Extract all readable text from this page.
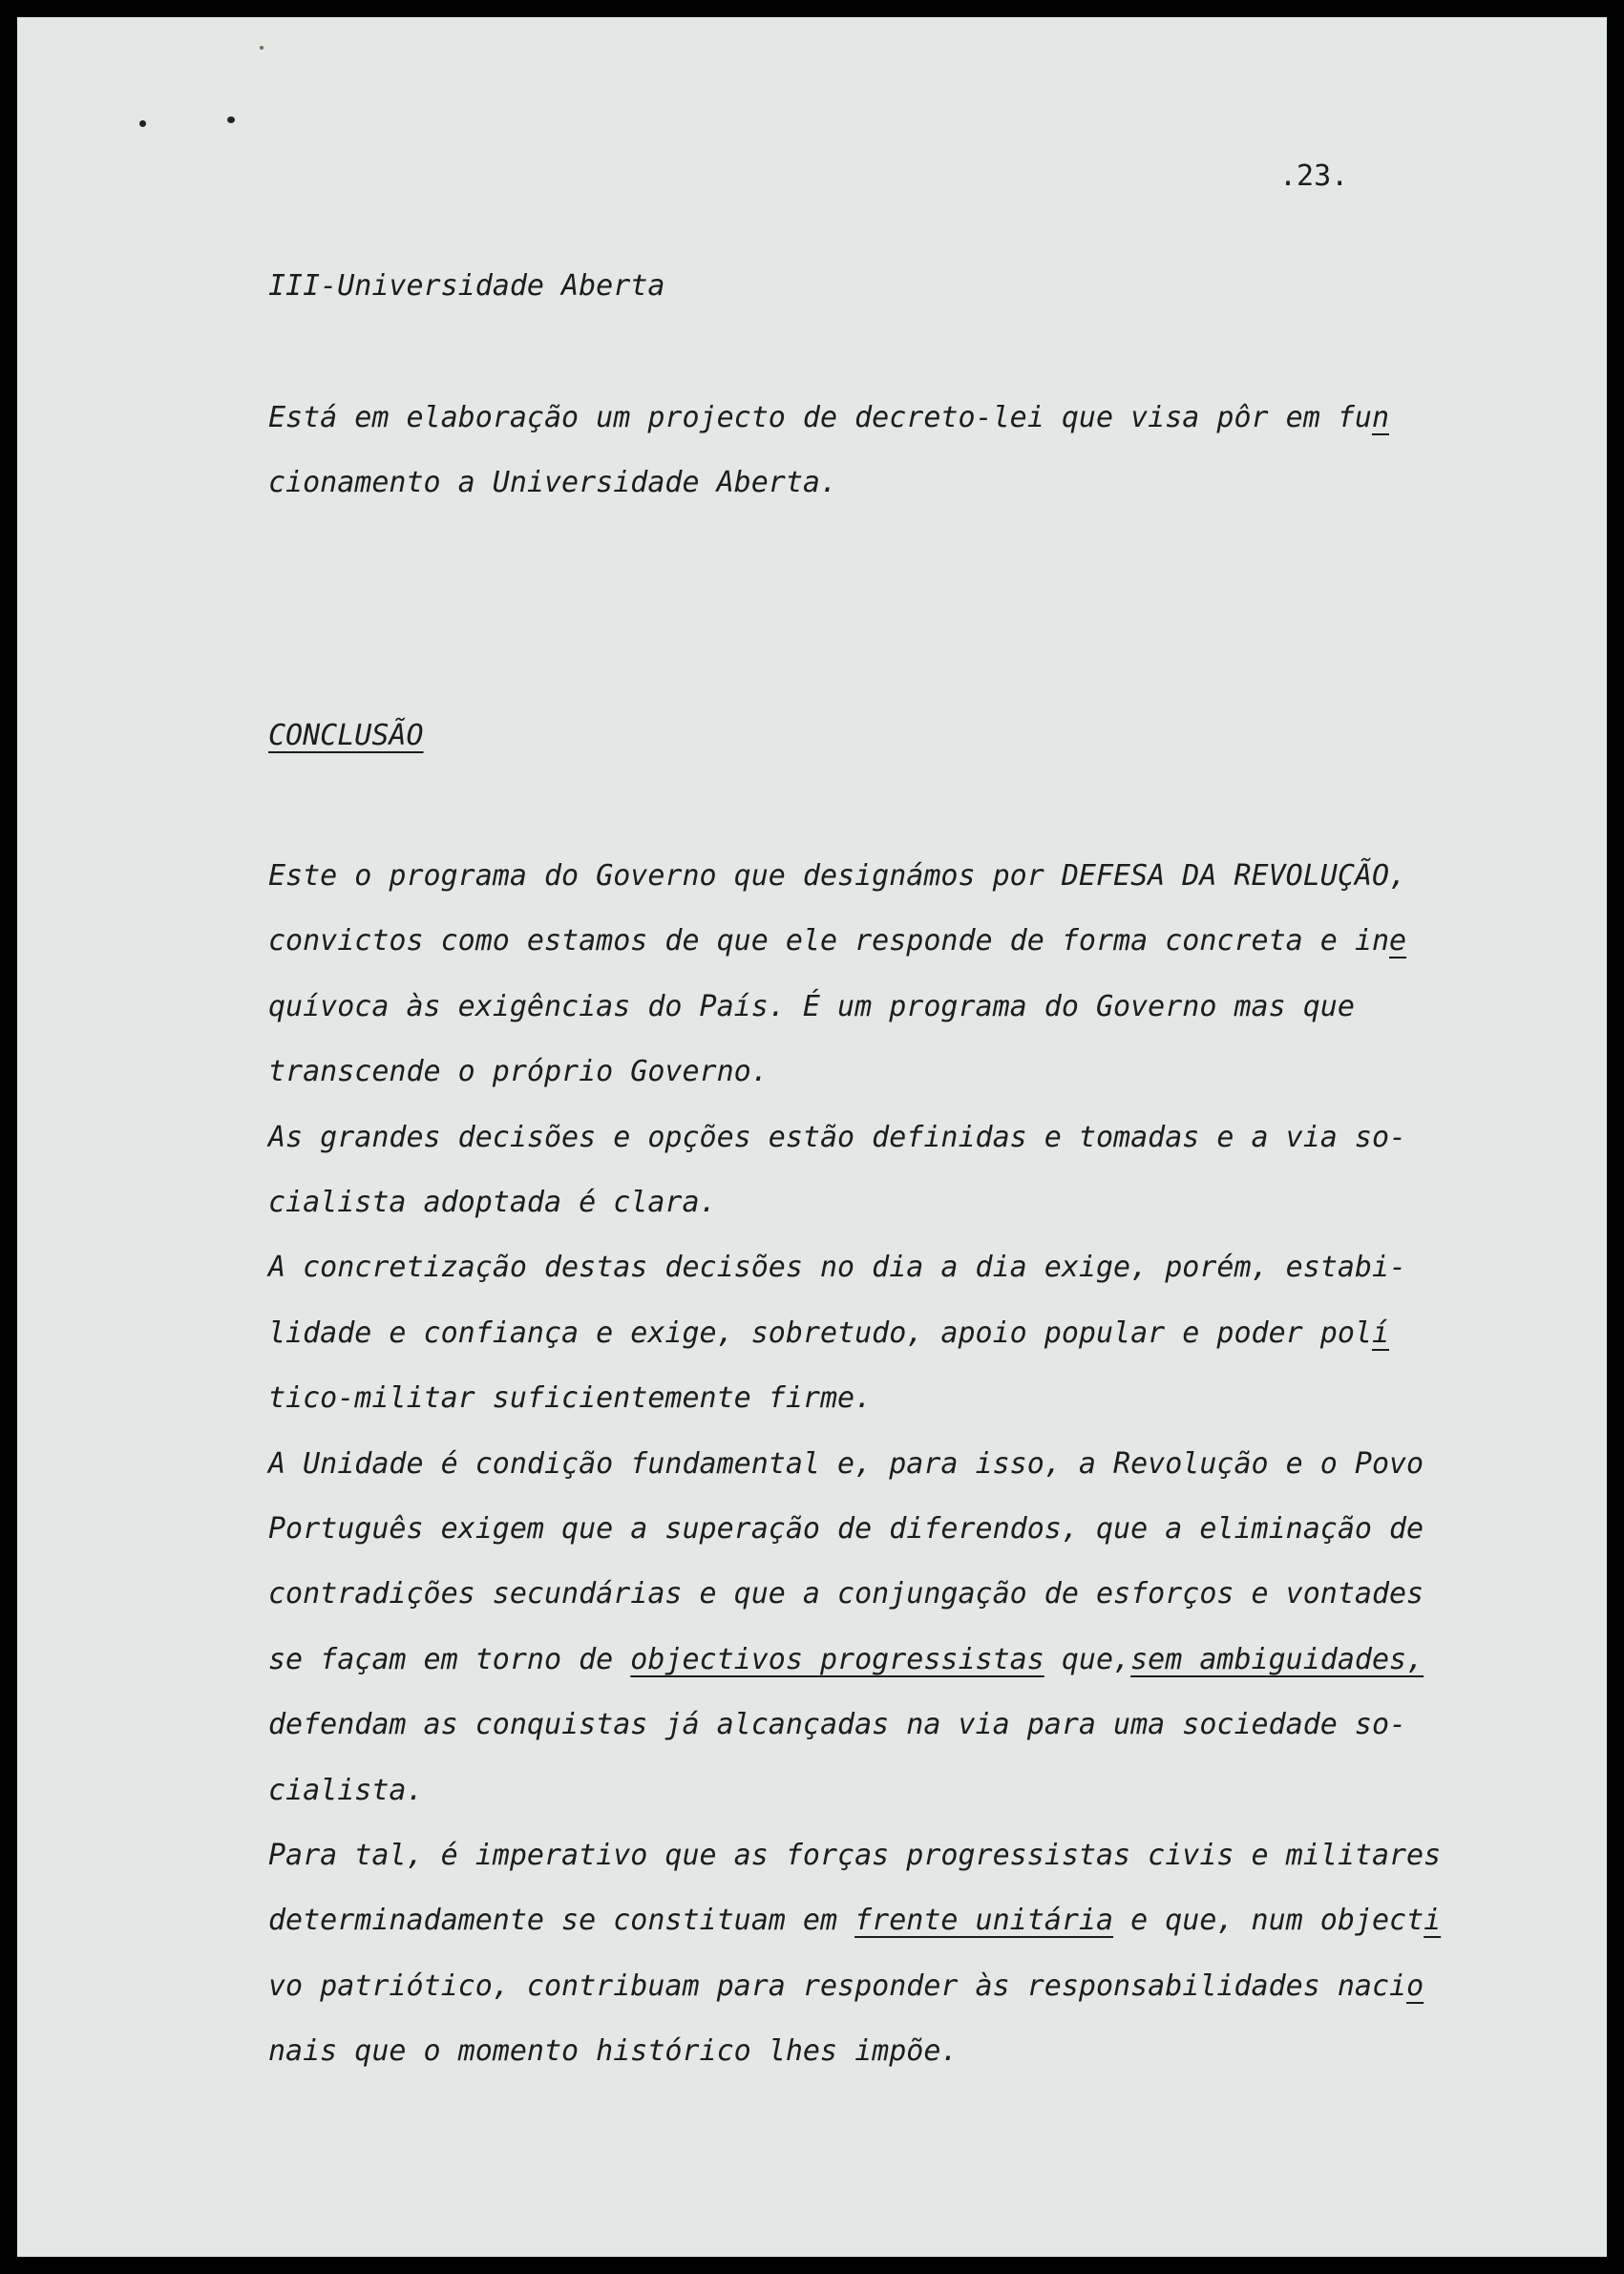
.23.

III-Universidade Aberta

Está em elaboração um projecto de decreto-lei que visa pôr em fun

cionamento a Universidade Aberta.

CONCLUSÃO

Este o programa do Governo que designámos por DEFESA DA REVOLUÇÃO,

convictos como estamos de que ele responde de forma concreta e ine

quívoca às exigências do País. É um programa do Governo mas que

transcende o próprio Governo.

As grandes decisões e opções estão definidas e tomadas e a via so-

cialista adoptada é clara.

A concretização destas decisões no dia a dia exige, porém, estabi-

lidade e confiança e exige, sobretudo, apoio popular e poder polí

tico-militar suficientemente firme.

A Unidade é condição fundamental e, para isso, a Revolução e o Povo

Português exigem que a superação de diferendos, que a eliminação de

contradições secundárias e que a conjungação de esforços e vontades

se façam em torno de objectivos progressistas que,sem ambiguidades,

defendam as conquistas já alcançadas na via para uma sociedade so-

cialista.

Para tal, é imperativo que as forças progressistas civis e militares

determinadamente se constituam em frente unitária e que, num objecti

vo patriótico, contribuam para responder às responsabilidades nacio

nais que o momento histórico lhes impõe.
